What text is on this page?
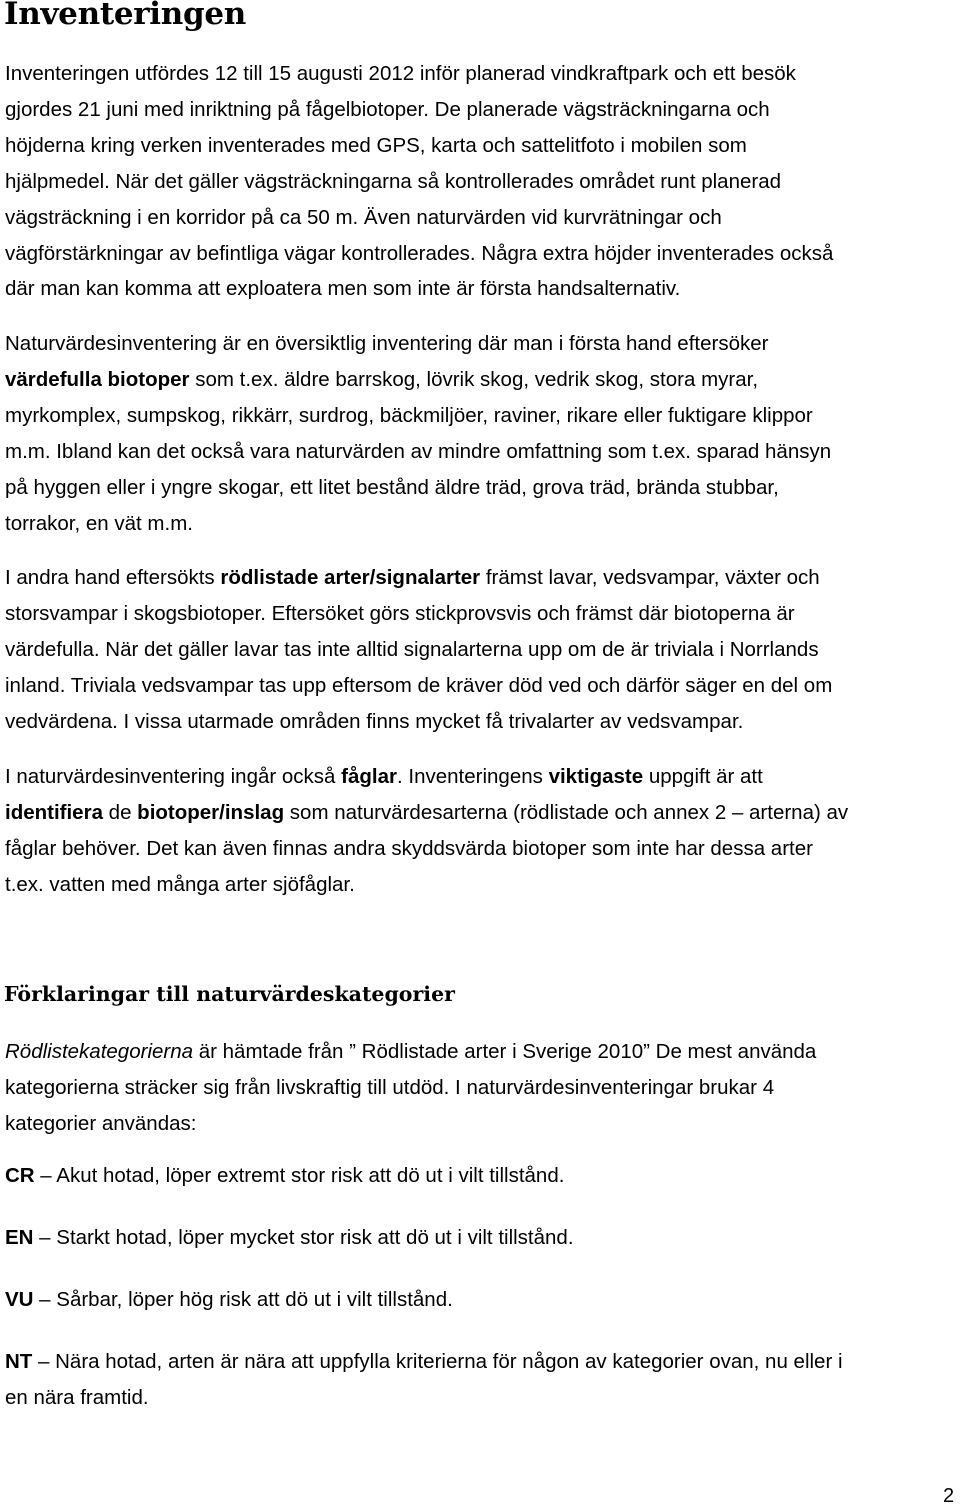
Inventeringen
Inventeringen utfördes 12 till 15 augusti 2012 inför planerad vindkraftpark och ett besök
gjordes 21 juni med inriktning på fågelbiotoper. De planerade vägsträckningarna och
höjderna kring verken inventerades med GPS, karta och sattelitfoto i mobilen som
hjälpmedel. När det gäller vägsträckningarna så kontrollerades området runt planerad
vägsträckning i en korridor på ca 50 m. Även naturvärden vid kurvrätningar och
vägförstärkningar av befintliga vägar kontrollerades. Några extra höjder inventerades också
där man kan komma att exploatera men som inte är första handsalternativ.
Naturvärdesinventering är en översiktlig inventering där man i första hand eftersöker
värdefulla biotoper som t.ex. äldre barrskog, lövrik skog, vedrik skog, stora myrar,
myrkomplex, sumpskog, rikkärr, surdrog, bäckmiljöer, raviner, rikare eller fuktigare klippor
m.m. Ibland kan det också vara naturvärden av mindre omfattning som t.ex. sparad hänsyn
på hyggen eller i yngre skogar, ett litet bestånd äldre träd, grova träd, brända stubbar,
torrakor, en vät m.m.
I andra hand eftersökts rödlistade arter/signalarter främst lavar, vedsvampar, växter och
storsvampar i skogsbiotoper. Eftersöket görs stickprovsvis och främst där biotoperna är
värdefulla. När det gäller lavar tas inte alltid signalarterna upp om de är triviala i Norrlands
inland. Triviala vedsvampar tas upp eftersom de kräver död ved och därför säger en del om
vedvärdena. I vissa utarmade områden finns mycket få trivalarter av vedsvampar.
I naturvärdesinventering ingår också fåglar. Inventeringens viktigaste uppgift är att
identifiera de biotoper/inslag som naturvärdesarterna (rödlistade och annex 2 – arterna) av
fåglar behöver. Det kan även finnas andra skyddsvärda biotoper som inte har dessa arter
t.ex. vatten med många arter sjöfåglar.
Förklaringar till naturvärdeskategorier
Rödlistekategorierna är hämtade från ” Rödlistade arter i Sverige 2010” De mest använda
kategorierna sträcker sig från livskraftig till utdöd. I naturvärdesinventeringar brukar 4
kategorier användas:
CR – Akut hotad, löper extremt stor risk att dö ut i vilt tillstånd.
EN – Starkt hotad, löper mycket stor risk att dö ut i vilt tillstånd.
VU – Sårbar, löper hög risk att dö ut i vilt tillstånd.
NT – Nära hotad, arten är nära att uppfylla kriterierna för någon av kategorier ovan, nu eller i
en nära framtid.
2
